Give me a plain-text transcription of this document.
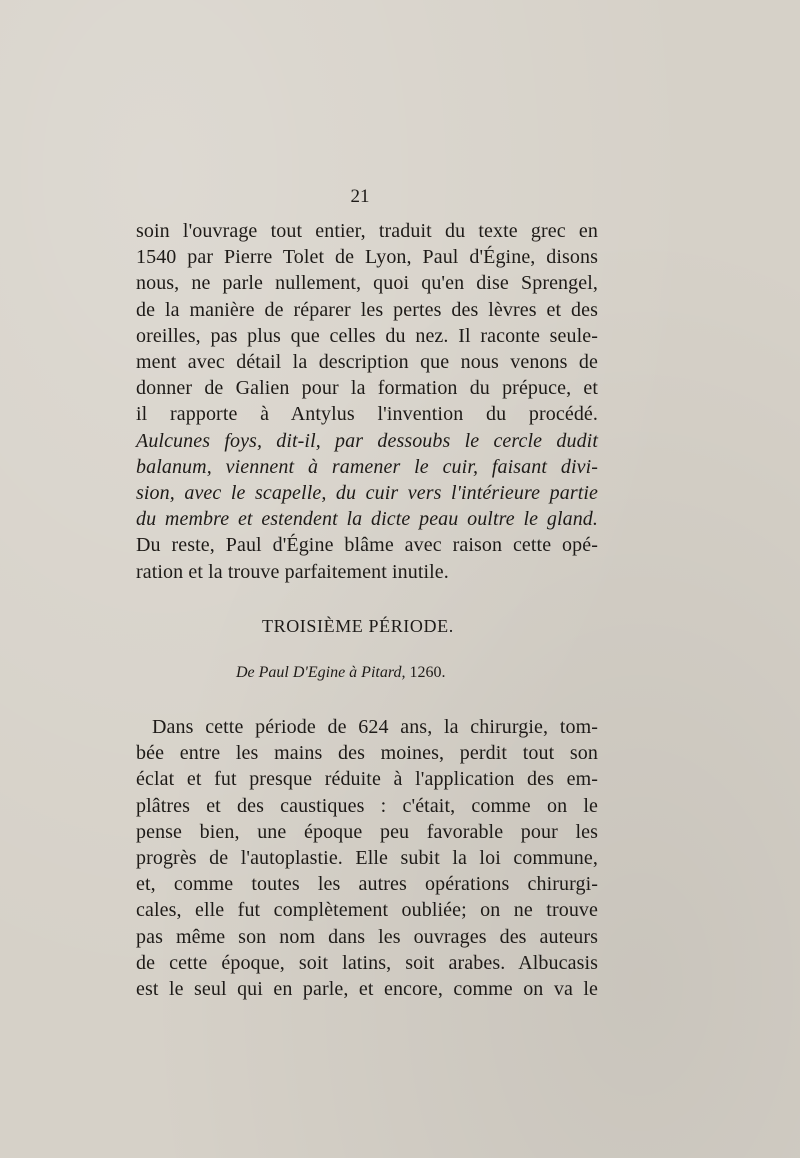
21
soin l'ouvrage tout entier, traduit du texte grec en
1540 par Pierre Tolet de Lyon, Paul d'Égine, disons
nous, ne parle nullement, quoi qu'en dise Sprengel,
de la manière de réparer les pertes des lèvres et des
oreilles, pas plus que celles du nez. Il raconte seule-
ment avec détail la description que nous venons de
donner de Galien pour la formation du prépuce, et
il rapporte à Antylus l'invention du procédé.
Aulcunes foys, dit-il, par dessoubs le cercle dudit
balanum, viennent à ramener le cuir, faisant divi-
sion, avec le scapelle, du cuir vers l'intérieure partie
du membre et estendent la dicte peau oultre le gland.
Du reste, Paul d'Égine blâme avec raison cette opé-
ration et la trouve parfaitement inutile.
TROISIÈME PÉRIODE.
De Paul D'Egine à Pitard, 1260.
Dans cette période de 624 ans, la chirurgie, tom-
bée entre les mains des moines, perdit tout son
éclat et fut presque réduite à l'application des em-
plâtres et des caustiques : c'était, comme on le
pense bien, une époque peu favorable pour les
progrès de l'autoplastie. Elle subit la loi commune,
et, comme toutes les autres opérations chirurgi-
cales, elle fut complètement oubliée; on ne trouve
pas même son nom dans les ouvrages des auteurs
de cette époque, soit latins, soit arabes. Albucasis
est le seul qui en parle, et encore, comme on va le
